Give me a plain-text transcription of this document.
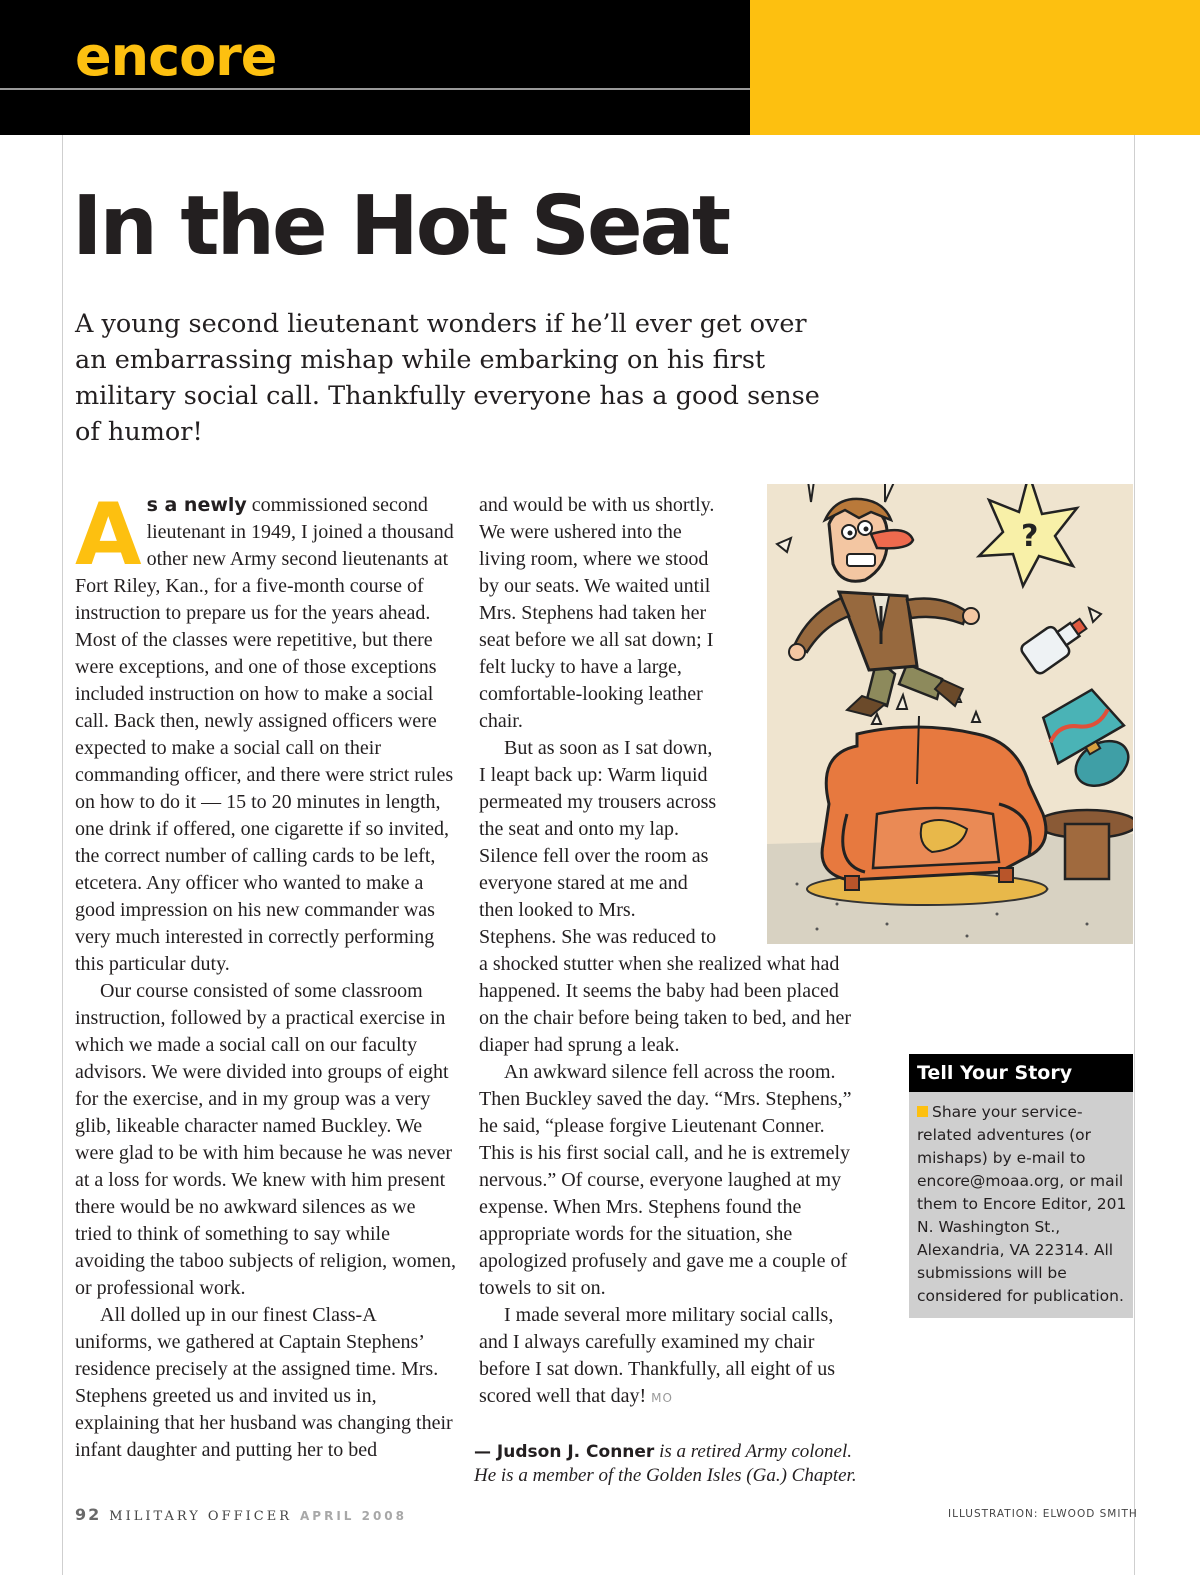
encore
In the Hot Seat

A young second lieutenant wonders if he’ll ever get over an embarrassing mishap while embarking on his first military social call. Thankfully everyone has a good sense of humor!

As a newly commissioned second lieutenant in 1949, I joined a thousand other new Army second lieutenants at Fort Riley, Kan., for a five-month course of instruction to prepare us for the years ahead. Most of the classes were repetitive, but there were exceptions, and one of those exceptions included instruction on how to make a social call. Back then, newly assigned officers were expected to make a social call on their commanding officer, and there were strict rules on how to do it — 15 to 20 minutes in length, one drink if offered, one cigarette if so invited, the correct number of calling cards to be left, etcetera. Any officer who wanted to make a good impression on his new commander was very much interested in correctly performing this particular duty.

Our course consisted of some classroom instruction, followed by a practical exercise in which we made a social call on our faculty advisors. We were divided into groups of eight for the exercise, and in my group was a very glib, likeable character named Buckley. We were glad to be with him because he was never at a loss for words. We knew with him present there would be no awkward silences as we tried to think of something to say while avoiding the taboo subjects of religion, women, or professional work.

All dolled up in our finest Class-A uniforms, we gathered at Captain Stephens’ residence precisely at the assigned time. Mrs. Stephens greeted us and invited us in, explaining that her husband was changing their infant daughter and putting her to bed

and would be with us shortly. We were ushered into the living room, where we stood by our seats. We waited until Mrs. Stephens had taken her seat before we all sat down; I felt lucky to have a large, comfortable-looking leather chair.

But as soon as I sat down, I leapt back up: Warm liquid permeated my trousers across the seat and onto my lap. Silence fell over the room as everyone stared at me and then looked to Mrs. Stephens. She was reduced to a shocked stutter when she realized what had happened. It seems the baby had been placed on the chair before being taken to bed, and her diaper had sprung a leak.

An awkward silence fell across the room. Then Buckley saved the day. “Mrs. Stephens,” he said, “please forgive Lieutenant Conner. This is his first social call, and he is extremely nervous.” Of course, everyone laughed at my expense. When Mrs. Stephens found the appropriate words for the situation, she apologized profusely and gave me a couple of towels to sit on.

I made several more military social calls, and I always carefully examined my chair before I sat down. Thankfully, all eight of us scored well that day! MO

— Judson J. Conner is a retired Army colonel. He is a member of the Golden Isles (Ga.) Chapter.

?
Tell Your Story

Share your service-related adventures (or mishaps) by e-mail to encore@moaa.org, or mail them to Encore Editor, 201 N. Washington St., Alexandria, VA 22314. All submissions will be considered for publication.

92 MILITARY OFFICER APRIL 2008	ILLUSTRATION: ELWOOD SMITH
